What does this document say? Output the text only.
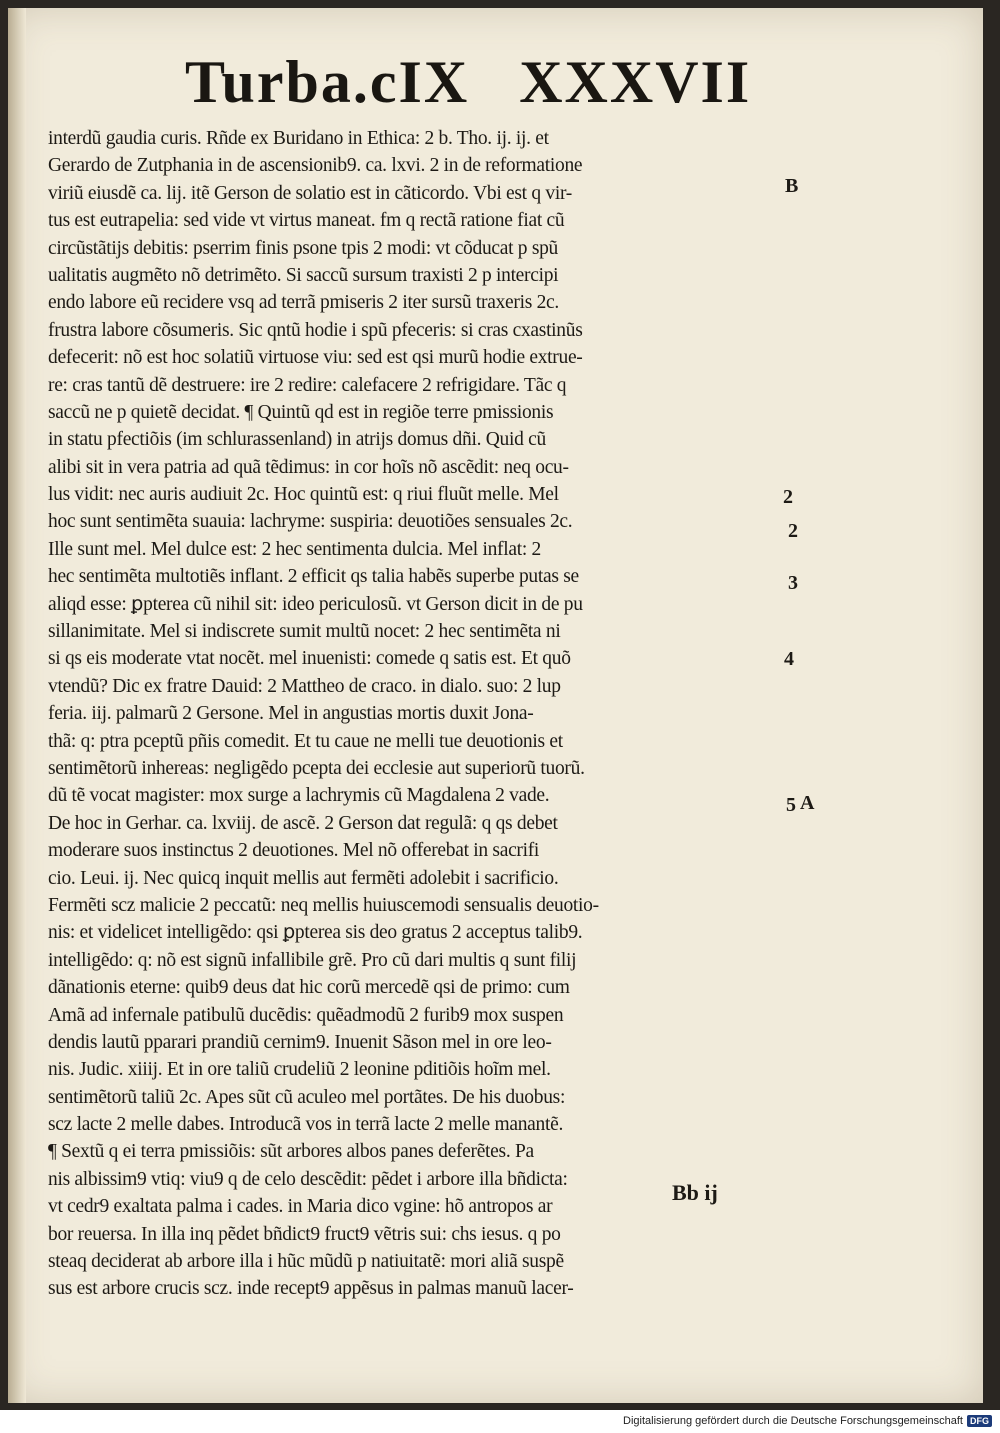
Turba.cIX XXXVII
interdũ gaudia curis. Rñde ex Buridano in Ethica: 2 b. Tho. ij. ij. et
Gerardo de Zutphania in de ascensionib9. ca. lxvi. 2 in de reformatione
viriũ eiusdẽ ca. lij. itẽ Gerson de solatio est in cãticordo. Vbi est q vir-
tus est eutrapelia: sed vide vt virtus maneat. fm q rectã ratione fiat cũ
circũstãtijs debitis: pserrim finis psone tpis 2 modi: vt cõducat p spũ
ualitatis augmẽto nõ detrimẽto. Si saccũ sursum traxisti 2 p intercipi
endo labore eũ recidere vsq ad terrã pmiseris 2 iter sursũ traxeris 2c.
frustra labore cõsumeris. Sic qntũ hodie i spũ pfeceris: si cras cxastinũs
defecerit: nõ est hoc solatiũ virtuose viu: sed est qsi murũ hodie extrue-
re: cras tantũ dẽ destruere: ire 2 redire: calefacere 2 refrigidare. Tãc q
saccũ ne p quietẽ decidat. ¶ Quintũ qd est in regiõe terre pmissionis
in statu pfectiõis (im schlurassenland) in atrijs domus dñi. Quid cũ
alibi sit in vera patria ad quã tẽdimus: in cor hoĩs nõ ascẽdit: neq ocu-
lus vidit: nec auris audiuit 2c. Hoc quintũ est: q riui fluũt melle. Mel
hoc sunt sentimẽta suauia: lachryme: suspiria: deuotiões sensuales 2c.
Ille sunt mel. Mel dulce est: 2 hec sentimenta dulcia. Mel inflat: 2
hec sentimẽta multotiẽs inflant. 2 efficit qs talia habẽs superbe putas se
aliqd esse: ꝑpterea cũ nihil sit: ideo periculosũ. vt Gerson dicit in de pu
sillanimitate. Mel si indiscrete sumit multũ nocet: 2 hec sentimẽta ni
si qs eis moderate vtat nocẽt. mel inuenisti: comede q satis est. Et quõ
vtendũ? Dic ex fratre Dauid: 2 Mattheo de craco. in dialo. suo: 2 lup
feria. iij. palmarũ 2 Gersone. Mel in angustias mortis duxit Jona-
thã: q: ptra pceptũ pñis comedit. Et tu caue ne melli tue deuotionis et
sentimẽtorũ inhereas: negligẽdo pcepta dei ecclesie aut superiorũ tuorũ.
dũ tẽ vocat magister: mox surge a lachrymis cũ Magdalena 2 vade.
De hoc in Gerhar. ca. lxviij. de ascẽ. 2 Gerson dat regulã: q qs debet
moderare suos instinctus 2 deuotiones. Mel nõ offerebat in sacrifi
cio. Leui. ij. Nec quicq inquit mellis aut fermẽti adolebit i sacrificio.
Fermẽti scz malicie 2 peccatũ: neq mellis huiuscemodi sensualis deuotio-
nis: et videlicet intelligẽdo: qsi ꝑpterea sis deo gratus 2 acceptus talib9.
intelligẽdo: q: nõ est signũ infallibile grẽ. Pro cũ dari multis q sunt filij
dãnationis eterne: quib9 deus dat hic corũ mercedẽ qsi de primo: cum
Amã ad infernale patibulũ ducẽdis: quẽadmodũ 2 furib9 mox suspen
dendis lautũ pparari prandiũ cernim9. Inuenit Sãson mel in ore leo-
nis. Judic. xiiij. Et in ore taliũ crudeliũ 2 leonine pditiõis hoĩm mel.
sentimẽtorũ taliũ 2c. Apes sũt cũ aculeo mel portãtes. De his duobus:
scz lacte 2 melle dabes. Introducã vos in terrã lacte 2 melle manantẽ.
¶ Sextũ q ei terra pmissiõis: sũt arbores albos panes deferẽtes. Pa
nis albissim9 vtiq: viu9 q de celo descẽdit: pẽdet i arbore illa bñdicta:
vt cedr9 exaltata palma i cades. in Maria dico vgine: hõ antropos ar
bor reuersa. In illa inq pẽdet bñdict9 fruct9 vẽtris sui: chs iesus. q po
steaq deciderat ab arbore illa i hũc mũdũ p natiuitatẽ: mori aliã suspẽ
sus est arbore crucis scz. inde recept9 appẽsus in palmas manuũ lacer-
B
2
2
3
4
5 A
Bb ij
Digitalisierung gefördert durch die Deutsche Forschungsgemeinschaft DFG
